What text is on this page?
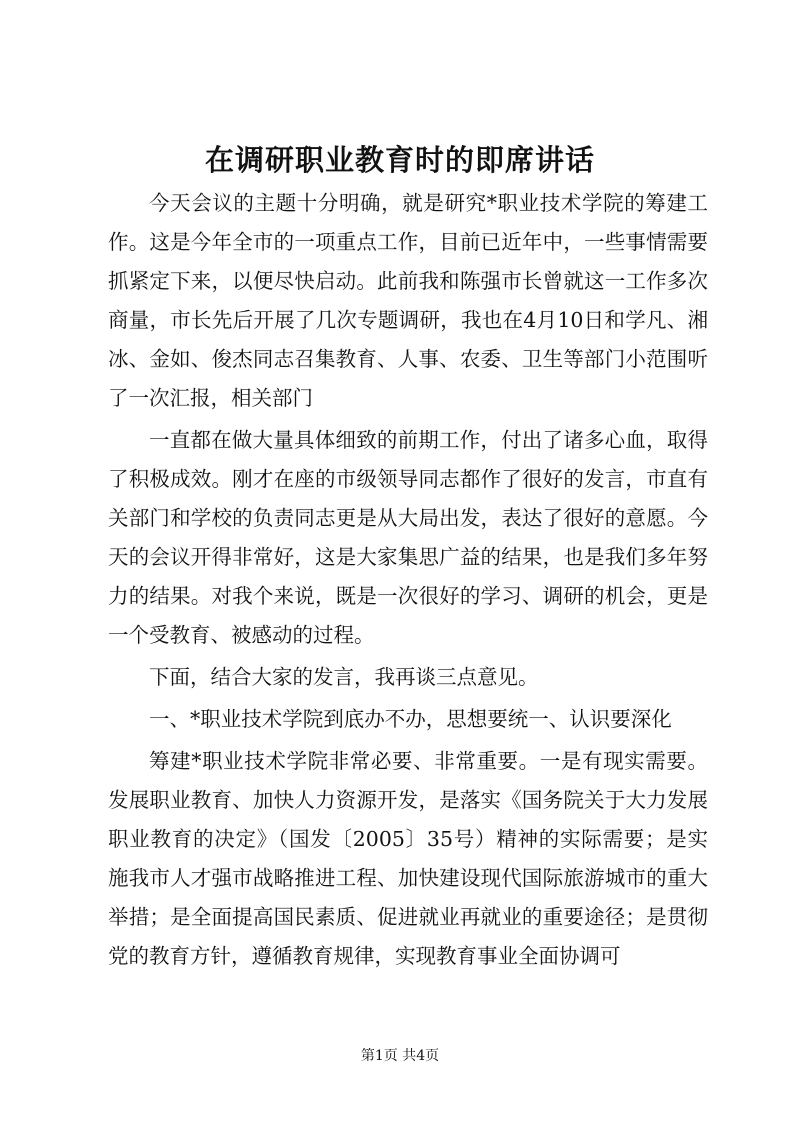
在调研职业教育时的即席讲话

今天会议的主题十分明确，就是研究*职业技术学院的筹建工作。这是今年全市的一项重点工作，目前已近年中，一些事情需要抓紧定下来，以便尽快启动。此前我和陈强市长曾就这一工作多次商量，市长先后开展了几次专题调研，我也在4月10日和学凡、湘冰、金如、俊杰同志召集教育、人事、农委、卫生等部门小范围听了一次汇报，相关部门

一直都在做大量具体细致的前期工作，付出了诸多心血，取得了积极成效。刚才在座的市级领导同志都作了很好的发言，市直有关部门和学校的负责同志更是从大局出发，表达了很好的意愿。今天的会议开得非常好，这是大家集思广益的结果，也是我们多年努力的结果。对我个来说，既是一次很好的学习、调研的机会，更是一个受教育、被感动的过程。

下面，结合大家的发言，我再谈三点意见。

一、*职业技术学院到底办不办，思想要统一、认识要深化

筹建*职业技术学院非常必要、非常重要。一是有现实需要。发展职业教育、加快人力资源开发，是落实《国务院关于大力发展职业教育的决定》（国发〔2005〕35号）精神的实际需要；是实施我市人才强市战略推进工程、加快建设现代国际旅游城市的重大举措；是全面提高国民素质、促进就业再就业的重要途径；是贯彻党的教育方针，遵循教育规律，实现教育事业全面协调可

第1页 共4页
